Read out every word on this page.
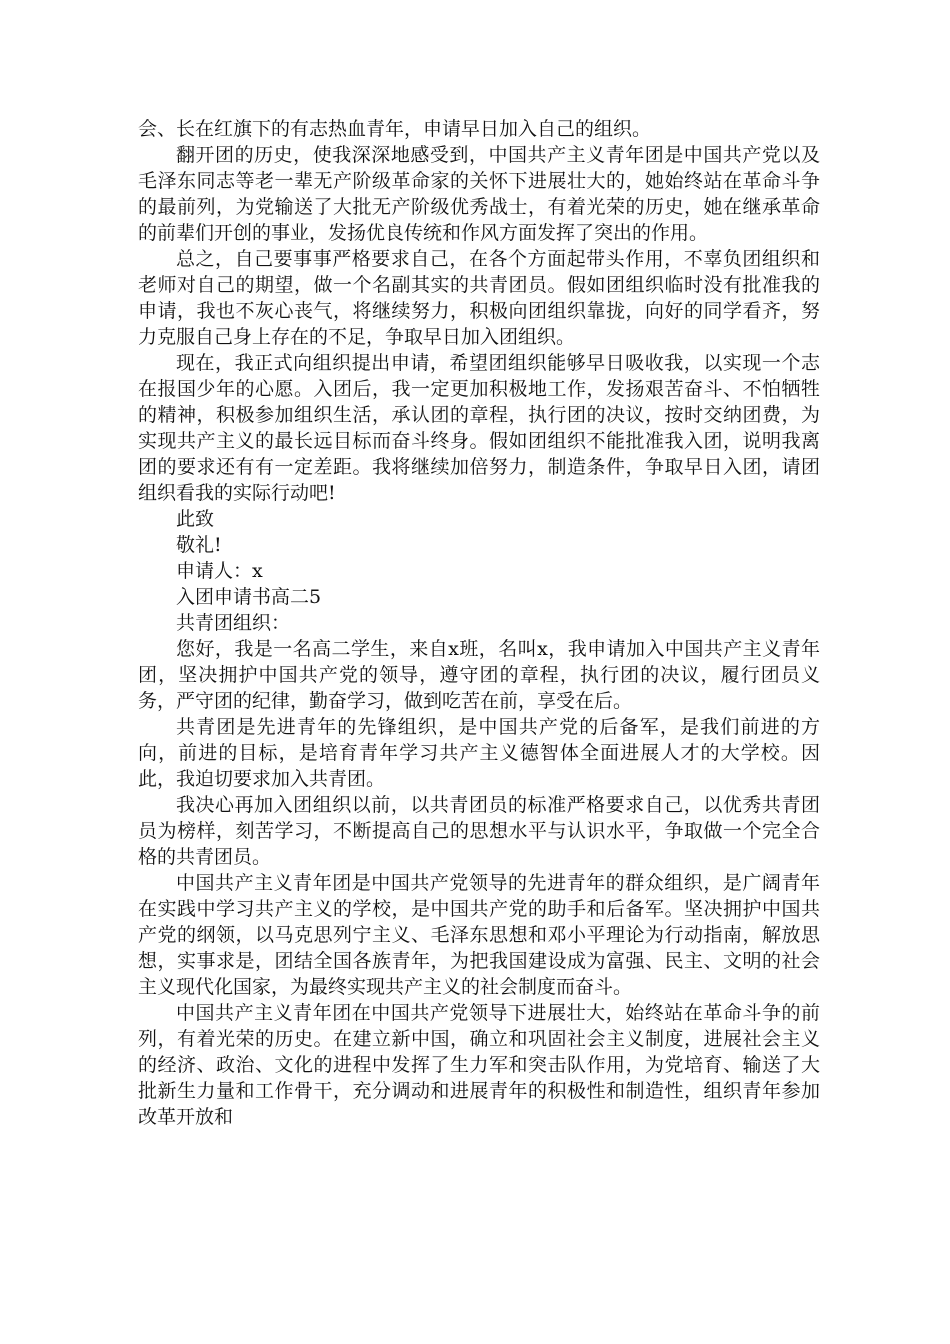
会、长在红旗下的有志热血青年，申请早日加入自己的组织。

翻开团的历史，使我深深地感受到，中国共产主义青年团是中国共产党以及毛泽东同志等老一辈无产阶级革命家的关怀下进展壮大的，她始终站在革命斗争的最前列，为党输送了大批无产阶级优秀战士，有着光荣的历史，她在继承革命的前辈们开创的事业，发扬优良传统和作风方面发挥了突出的作用。

总之，自己要事事严格要求自己，在各个方面起带头作用，不辜负团组织和老师对自己的期望，做一个名副其实的共青团员。假如团组织临时没有批准我的申请，我也不灰心丧气，将继续努力，积极向团组织靠拢，向好的同学看齐，努力克服自己身上存在的不足，争取早日加入团组织。

现在，我正式向组织提出申请，希望团组织能够早日吸收我，以实现一个志在报国少年的心愿。入团后，我一定更加积极地工作，发扬艰苦奋斗、不怕牺牲的精神，积极参加组织生活，承认团的章程，执行团的决议，按时交纳团费，为实现共产主义的最长远目标而奋斗终身。假如团组织不能批准我入团，说明我离团的要求还有有一定差距。我将继续加倍努力，制造条件，争取早日入团，请团组织看我的实际行动吧!

此致

敬礼!

申请人：x

入团申请书高二5

共青团组织：

您好，我是一名高二学生，来自x班，名叫x，我申请加入中国共产主义青年团，坚决拥护中国共产党的领导，遵守团的章程，执行团的决议，履行团员义务，严守团的纪律，勤奋学习，做到吃苦在前，享受在后。

共青团是先进青年的先锋组织，是中国共产党的后备军，是我们前进的方向，前进的目标，是培育青年学习共产主义德智体全面进展人才的大学校。因此，我迫切要求加入共青团。

我决心再加入团组织以前，以共青团员的标准严格要求自己，以优秀共青团员为榜样，刻苦学习，不断提高自己的思想水平与认识水平，争取做一个完全合格的共青团员。

中国共产主义青年团是中国共产党领导的先进青年的群众组织，是广阔青年在实践中学习共产主义的学校，是中国共产党的助手和后备军。坚决拥护中国共产党的纲领，以马克思列宁主义、毛泽东思想和邓小平理论为行动指南，解放思想，实事求是，团结全国各族青年，为把我国建设成为富强、民主、文明的社会主义现代化国家，为最终实现共产主义的社会制度而奋斗。

中国共产主义青年团在中国共产党领导下进展壮大，始终站在革命斗争的前列，有着光荣的历史。在建立新中国，确立和巩固社会主义制度，进展社会主义的经济、政治、文化的进程中发挥了生力军和突击队作用，为党培育、输送了大批新生力量和工作骨干，充分调动和进展青年的积极性和制造性，组织青年参加改革开放和
